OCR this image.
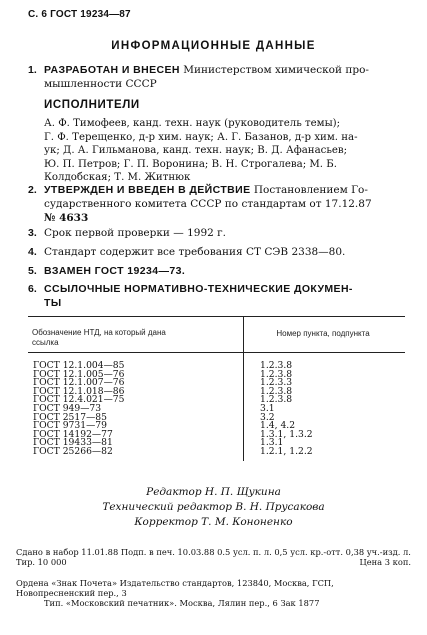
С. 6 ГОСТ 19234—87
ИНФОРМАЦИОННЫЕ ДАННЫЕ
1. РАЗРАБОТАН И ВНЕСЕН Министерством химической про-
мышленности СССР
ИСПОЛНИТЕЛИ
А. Ф. Тимофеев, канд. техн. наук (руководитель темы);
Г. Ф. Терещенко, д-р хим. наук; А. Г. Базанов, д-р хим. на-
ук; Д. А. Гильманова, канд. техн. наук; В. Д. Афанасьев;
Ю. П. Петров; Г. П. Воронина; В. Н. Строгалева; М. Б.
Колдобская; Т. М. Житнюк
2. УТВЕРЖДЕН И ВВЕДЕН В ДЕЙСТВИЕ Постановлением Го-
сударственного комитета СССР по стандартам от 17.12.87
№ 4633
3. Срок первой проверки — 1992 г.
4. Стандарт содержит все требования СТ СЭВ 2338—80.
5. ВЗАМЕН ГОСТ 19234—73.
6. ССЫЛОЧНЫЕ НОРМАТИВНО-ТЕХНИЧЕСКИЕ ДОКУМЕН-
ТЫ
Обозначение НТД, на который дана
ссылка
Номер пункта, подпункта
ГОСТ 12.1.004—85	1.2.3.8
ГОСТ 12.1.005—76	1.2.3.8
ГОСТ 12.1.007—76	1.2.3.3
ГОСТ 12.1.018—86	1.2.3.8
ГОСТ 12.4.021—75	1.2.3.8
ГОСТ 949—73	3.1
ГОСТ 2517—85	3.2
ГОСТ 9731—79	1.4, 4.2
ГОСТ 14192—77	1.3.1, 1.3.2
ГОСТ 19433—81	1.3.1
ГОСТ 25266—82	1.2.1, 1.2.2
Редактор Н. П. Щукина
Технический редактор В. Н. Прусакова
Корректор Т. М. Кононенко
Сдано в набор 11.01.88 Подп. в печ. 10.03.88 0.5 усл. п. л. 0,5 усл. кр.-отт. 0,38 уч.-изд. л.
Тир. 10 000	Цена 3 коп.
Ордена «Знак Почета» Издательство стандартов, 123840, Москва, ГСП, Новопресненский пер., 3
Тип. «Московский печатник». Москва, Лялин пер., 6 Зак 1877
